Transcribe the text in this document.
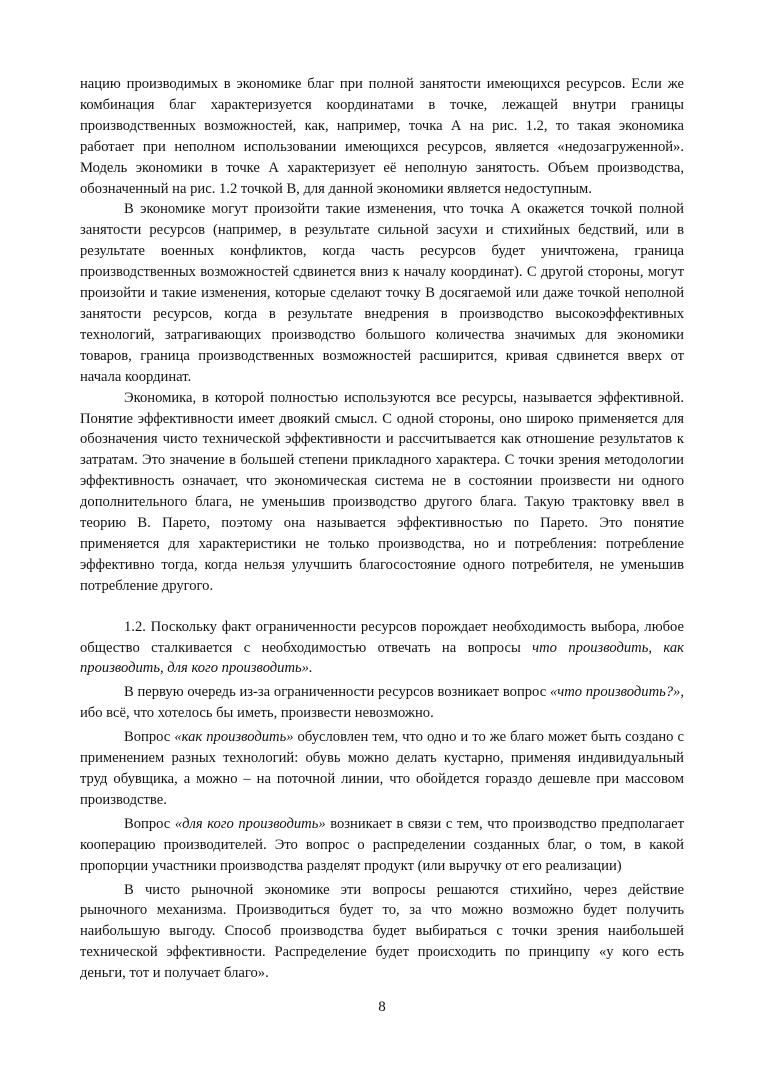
нацию производимых в экономике благ при полной занятости имеющихся ресурсов. Если же комбинация благ характеризуется координатами в точке, лежащей внутри границы производственных возможностей, как, например, точка А на рис. 1.2, то такая экономика работает при неполном использовании имеющихся ресурсов, является «недозагруженной». Модель экономики в точке А характеризует её неполную занятость. Объем производства, обозначенный на рис. 1.2 точкой В, для данной экономики является недоступным.

В экономике могут произойти такие изменения, что точка А окажется точкой полной занятости ресурсов (например, в результате сильной засухи и стихийных бедствий, или в результате военных конфликтов, когда часть ресурсов будет уничтожена, граница производственных возможностей сдвинется вниз к началу координат). С другой стороны, могут произойти и такие изменения, которые сделают точку В досягаемой или даже точкой неполной занятости ресурсов, когда в результате внедрения в производство высокоэффективных технологий, затрагивающих производство большого количества значимых для экономики товаров, граница производственных возможностей расширится, кривая сдвинется вверх от начала координат.

Экономика, в которой полностью используются все ресурсы, называется эффективной. Понятие эффективности имеет двоякий смысл. С одной стороны, оно широко применяется для обозначения чисто технической эффективности и рассчитывается как отношение результатов к затратам. Это значение в большей степени прикладного характера. С точки зрения методологии эффективность означает, что экономическая система не в состоянии произвести ни одного дополнительного блага, не уменьшив производство другого блага. Такую трактовку ввел в теорию В. Парето, поэтому она называется эффективностью по Парето. Это понятие применяется для характеристики не только производства, но и потребления: потребление эффективно тогда, когда нельзя улучшить благосостояние одного потребителя, не уменьшив потребление другого.

1.2. Поскольку факт ограниченности ресурсов порождает необходимость выбора, любое общество сталкивается с необходимостью отвечать на вопросы что производить, как производить, для кого производить».

В первую очередь из-за ограниченности ресурсов возникает вопрос «что производить?», ибо всё, что хотелось бы иметь, произвести невозможно.

Вопрос «как производить» обусловлен тем, что одно и то же благо может быть создано с применением разных технологий: обувь можно делать кустарно, применяя индивидуальный труд обувщика, а можно – на поточной линии, что обойдется гораздо дешевле при массовом производстве.

Вопрос «для кого производить» возникает в связи с тем, что производство предполагает кооперацию производителей. Это вопрос о распределении созданных благ, о том, в какой пропорции участники производства разделят продукт (или выручку от его реализации)

В чисто рыночной экономике эти вопросы решаются стихийно, через действие рыночного механизма. Производиться будет то, за что можно возможно будет получить наибольшую выгоду. Способ производства будет выбираться с точки зрения наибольшей технической эффективности. Распределение будет происходить по принципу «у кого есть деньги, тот и получает благо».

8
